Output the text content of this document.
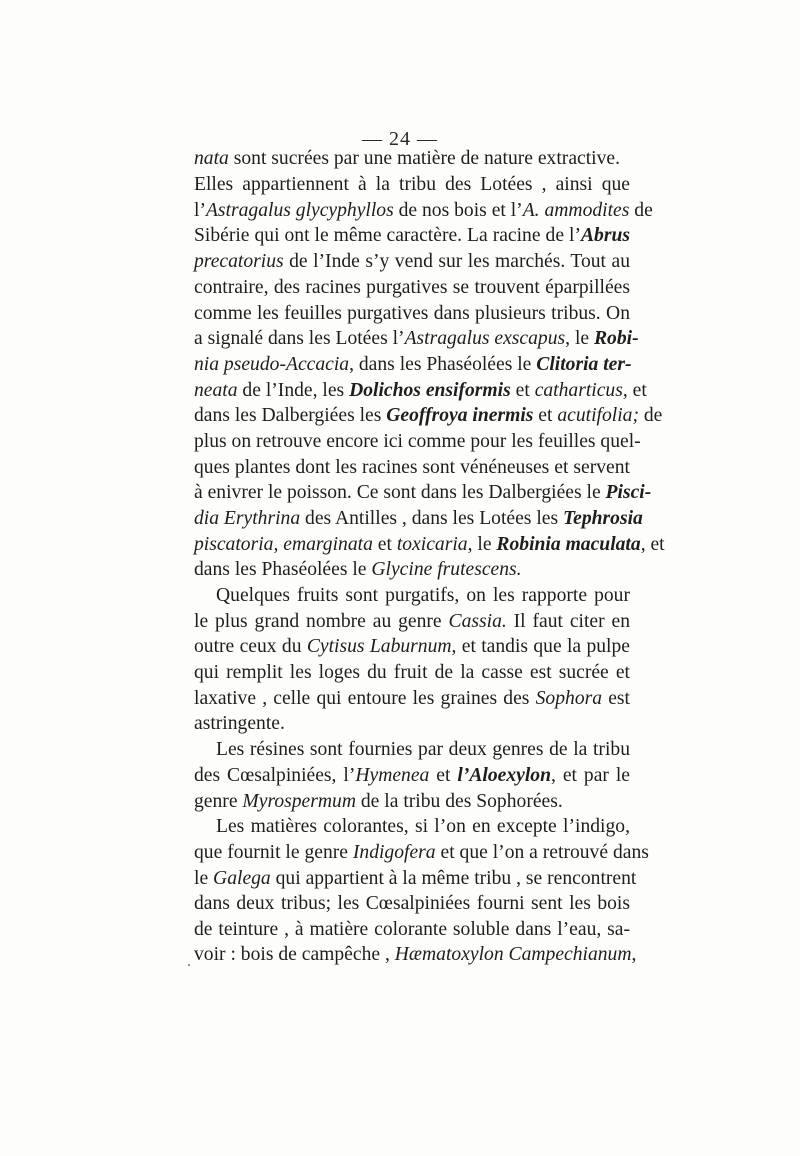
— 24 —
nata sont sucrées par une matière de nature extractive.
Elles appartiennent à la tribu des Lotées , ainsi que
l’Astragalus glycyphyllos de nos bois et l’A. ammodites de
Sibérie qui ont le même caractère. La racine de l’Abrus
precatorius de l’Inde s’y vend sur les marchés. Tout au
contraire, des racines purgatives se trouvent éparpillées
comme les feuilles purgatives dans plusieurs tribus. On
a signalé dans les Lotées l’Astragalus exscapus, le Robi-
nia pseudo-Accacia, dans les Phaséolées le Clitoria ter-
neata de l’Inde, les Dolichos ensiformis et catharticus, et
dans les Dalbergiées les Geoffroya inermis et acutifolia; de
plus on retrouve encore ici comme pour les feuilles quel-
ques plantes dont les racines sont vénéneuses et servent
à enivrer le poisson. Ce sont dans les Dalbergiées le Pisci-
dia Erythrina des Antilles , dans les Lotées les Tephrosia
piscatoria, emarginata et toxicaria, le Robinia maculata, et
dans les Phaséolées le Glycine frutescens.
Quelques fruits sont purgatifs, on les rapporte pour
le plus grand nombre au genre Cassia. Il faut citer en
outre ceux du Cytisus Laburnum, et tandis que la pulpe
qui remplit les loges du fruit de la casse est sucrée et
laxative , celle qui entoure les graines des Sophora est
astringente.
Les résines sont fournies par deux genres de la tribu
des Cœsalpiniées, l’Hymenea et l’Aloexylon, et par le
genre Myrospermum de la tribu des Sophorées.
Les matières colorantes, si l’on en excepte l’indigo,
que fournit le genre Indigofera et que l’on a retrouvé dans
le Galega qui appartient à la même tribu , se rencontrent
dans deux tribus; les Cœsalpiniées fourni sent les bois
de teinture , à matière colorante soluble dans l’eau, sa-
voir : bois de campêche , Hæmatoxylon Campechianum,
